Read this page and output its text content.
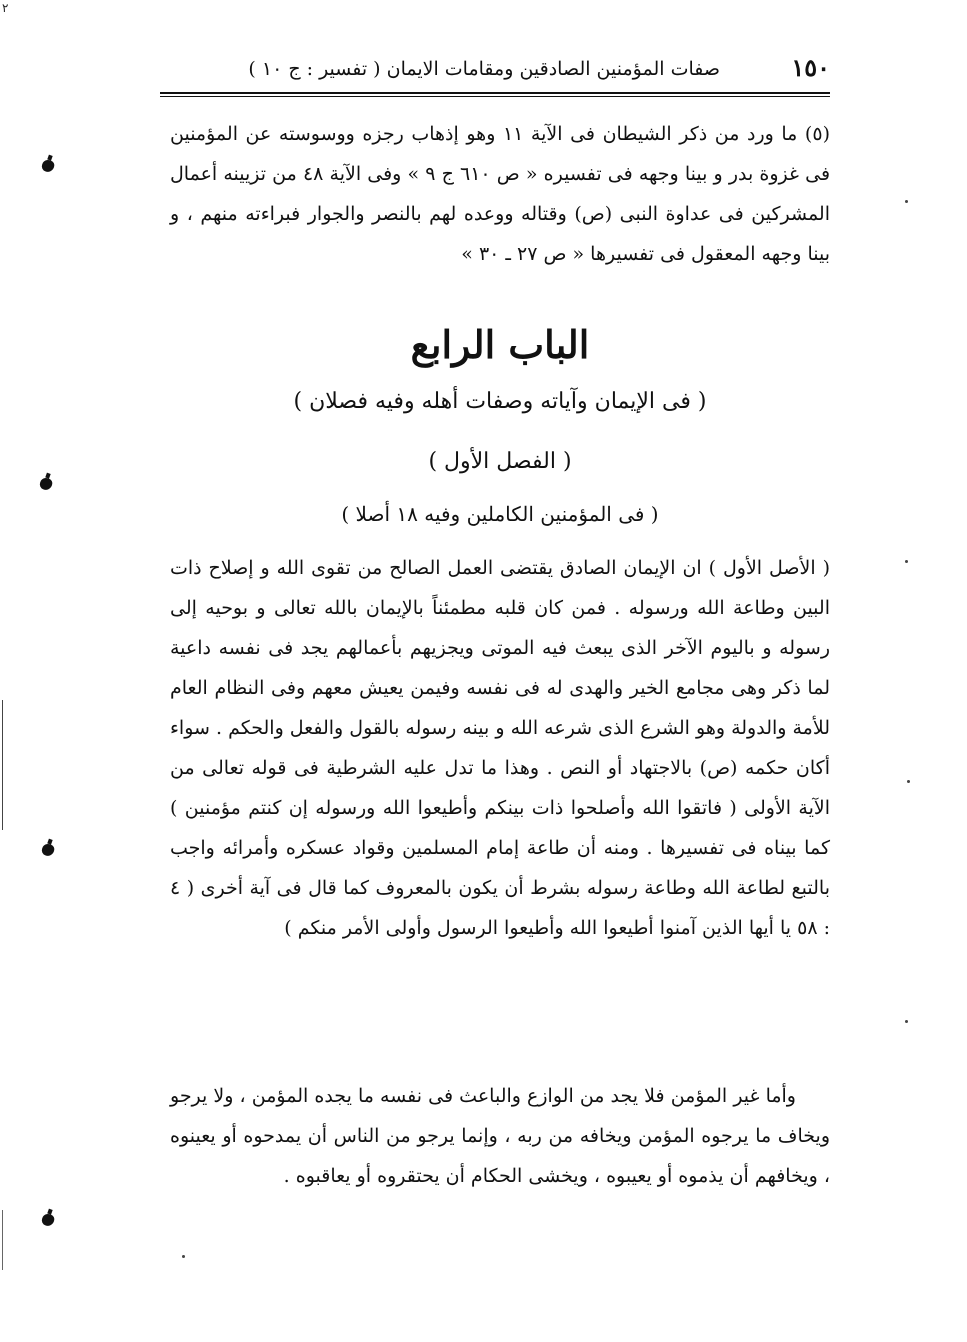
٢
١٥٠
صفات المؤمنين الصادقين ومقامات الايمان ( تفسير : ج ١٠ )
(٥) ما ورد من ذكر الشيطان فى الآية ١١ وهو إذهاب رجزه ووسوسته عن المؤمنين فى غزوة بدر و بينا وجهه فى تفسيره « ص ٦١٠ ج ٩ » وفى الآية ٤٨ من تزيينه أعمال المشركين فى عداوة النبى (ص) وقتاله ووعده لهم بالنصر والجوار فبراءته منهم ، و بينا وجهه المعقول فى تفسيرها « ص ٢٧ ـ ٣٠ »
الباب الرابع
( فى الإيمان وآياته وصفات أهله وفيه فصلان )
( الفصل الأول )
( فى المؤمنين الكاملين وفيه ١٨ أصلا )
( الأصل الأول ) ان الإيمان الصادق يقتضى العمل الصالح من تقوى الله و إصلاح ذات البين وطاعة الله ورسوله . فمن كان قلبه مطمئناً بالإيمان بالله تعالى و بوحيه إلى رسوله و باليوم الآخر الذى يبعث فيه الموتى ويجزيهم بأعمالهم يجد فى نفسه داعية لما ذكر وهى مجامع الخير والهدى له فى نفسه وفيمن يعيش معهم وفى النظام العام للأمة والدولة وهو الشرع الذى شرعه الله و بينه رسوله بالقول والفعل والحكم . سواء أكان حكمه (ص) بالاجتهاد أو النص . وهذا ما تدل عليه الشرطية فى قوله تعالى من الآية الأولى ( فاتقوا الله وأصلحوا ذات بينكم وأطيعوا الله ورسوله إن كنتم مؤمنين ) كما بيناه فى تفسيرها . ومنه أن طاعة إمام المسلمين وقواد عسكره وأمرائه واجب بالتبع لطاعة الله وطاعة رسوله بشرط أن يكون بالمعروف كما قال فى آية أخرى ( ٤ : ٥٨ يا أيها الذين آمنوا أطيعوا الله وأطيعوا الرسول وأولى الأمر منكم )
وأما غير المؤمن فلا يجد من الوازع والباعث فى نفسه ما يجده المؤمن ، ولا يرجو ويخاف ما يرجوه المؤمن ويخافه من ربه ، وإنما يرجو من الناس أن يمدحوه أو يعينوه ، ويخافهم أن يذموه أو يعيبوه ، ويخشى الحكام أن يحتقروه أو يعاقبوه .
